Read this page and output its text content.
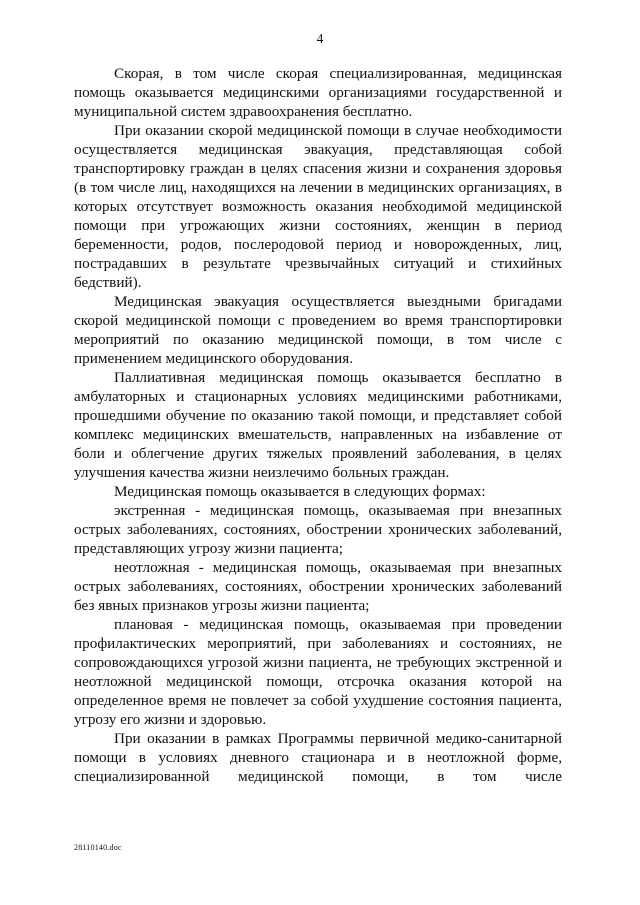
4

Скорая, в том числе скорая специализированная, медицинская помощь оказывается медицинскими организациями государственной и муниципальной систем здравоохранения бесплатно.

При оказании скорой медицинской помощи в случае необходимости осуществляется медицинская эвакуация, представляющая собой транспортировку граждан в целях спасения жизни и сохранения здоровья (в том числе лиц, находящихся на лечении в медицинских организациях, в которых отсутствует возможность оказания необходимой медицинской помощи при угрожающих жизни состояниях, женщин в период беременности, родов, послеродовой период и новорожденных, лиц, пострадавших в результате чрезвычайных ситуаций и стихийных бедствий).

Медицинская эвакуация осуществляется выездными бригадами скорой медицинской помощи с проведением во время транспортировки мероприятий по оказанию медицинской помощи, в том числе с применением медицинского оборудования.

Паллиативная медицинская помощь оказывается бесплатно в амбулаторных и стационарных условиях медицинскими работниками, прошедшими обучение по оказанию такой помощи, и представляет собой комплекс медицинских вмешательств, направленных на избавление от боли и облегчение других тяжелых проявлений заболевания, в целях улучшения качества жизни неизлечимо больных граждан.

Медицинская помощь оказывается в следующих формах:

экстренная - медицинская помощь, оказываемая при внезапных острых заболеваниях, состояниях, обострении хронических заболеваний, представляющих угрозу жизни пациента;

неотложная - медицинская помощь, оказываемая при внезапных острых заболеваниях, состояниях, обострении хронических заболеваний без явных признаков угрозы жизни пациента;

плановая - медицинская помощь, оказываемая при проведении профилактических мероприятий, при заболеваниях и состояниях, не сопровождающихся угрозой жизни пациента, не требующих экстренной и неотложной медицинской помощи, отсрочка оказания которой на определенное время не повлечет за собой ухудшение состояния пациента, угрозу его жизни и здоровью.

При оказании в рамках Программы первичной медико-санитарной помощи в условиях дневного стационара и в неотложной форме, специализированной медицинской помощи, в том числе

28110140.doc
